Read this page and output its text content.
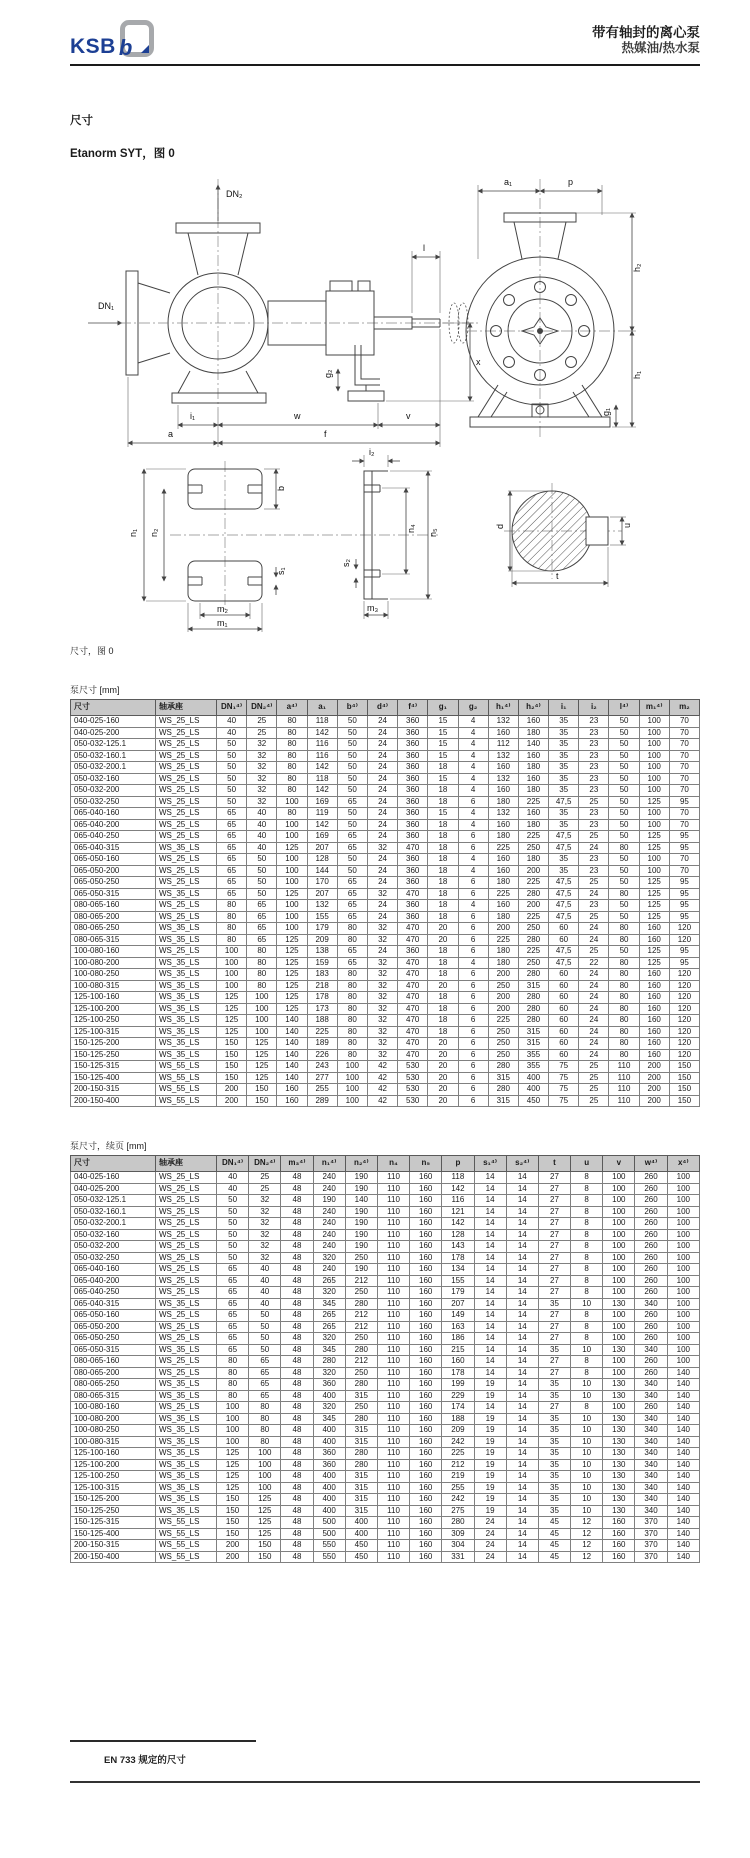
KSB b
带有轴封的离心泵
热媒油/热水泵
尺寸
Etanorm SYT，图 0
DN₂
DN₁
l
g₂
x
i₁	w	v
a	f
a₁	p
h₂
h₁
g₁
n₁ n₂
b
s₁
m₂
m₁
i₂
s₂
n₄ n₅
m₃
d
t
u
尺寸，图 0
泵尺寸 [mm]
尺寸	轴承座	DN₁⁴⁾	DN₂⁴⁾	a⁴⁾	a₁	b⁴⁾	d⁴⁾	f⁴⁾	g₁	g₂	h₁⁴⁾	h₂⁴⁾	i₁	i₂	l⁴⁾	m₁⁴⁾	m₂
040-025-160	WS_25_LS	40	25	80	118	50	24	360	15	4	132	160	35	23	50	100	70
040-025-200	WS_25_LS	40	25	80	142	50	24	360	15	4	160	180	35	23	50	100	70
050-032-125.1	WS_25_LS	50	32	80	116	50	24	360	15	4	112	140	35	23	50	100	70
050-032-160.1	WS_25_LS	50	32	80	116	50	24	360	15	4	132	160	35	23	50	100	70
050-032-200.1	WS_25_LS	50	32	80	142	50	24	360	18	4	160	180	35	23	50	100	70
050-032-160	WS_25_LS	50	32	80	118	50	24	360	15	4	132	160	35	23	50	100	70
050-032-200	WS_25_LS	50	32	80	142	50	24	360	18	4	160	180	35	23	50	100	70
050-032-250	WS_25_LS	50	32	100	169	65	24	360	18	6	180	225	47,5	25	50	125	95
065-040-160	WS_25_LS	65	40	80	119	50	24	360	15	4	132	160	35	23	50	100	70
065-040-200	WS_25_LS	65	40	100	142	50	24	360	18	4	160	180	35	23	50	100	70
065-040-250	WS_25_LS	65	40	100	169	65	24	360	18	6	180	225	47,5	25	50	125	95
065-040-315	WS_35_LS	65	40	125	207	65	32	470	18	6	225	250	47,5	24	80	125	95
065-050-160	WS_25_LS	65	50	100	128	50	24	360	18	4	160	180	35	23	50	100	70
065-050-200	WS_25_LS	65	50	100	144	50	24	360	18	4	160	200	35	23	50	100	70
065-050-250	WS_25_LS	65	50	100	170	65	24	360	18	6	180	225	47,5	25	50	125	95
065-050-315	WS_35_LS	65	50	125	207	65	32	470	18	6	225	280	47,5	24	80	125	95
080-065-160	WS_25_LS	80	65	100	132	65	24	360	18	4	160	200	47,5	23	50	125	95
080-065-200	WS_25_LS	80	65	100	155	65	24	360	18	6	180	225	47,5	25	50	125	95
080-065-250	WS_35_LS	80	65	100	179	80	32	470	20	6	200	250	60	24	80	160	120
080-065-315	WS_35_LS	80	65	125	209	80	32	470	20	6	225	280	60	24	80	160	120
100-080-160	WS_25_LS	100	80	125	138	65	24	360	18	6	180	225	47,5	25	50	125	95
100-080-200	WS_35_LS	100	80	125	159	65	32	470	18	4	180	250	47,5	22	80	125	95
100-080-250	WS_35_LS	100	80	125	183	80	32	470	18	6	200	280	60	24	80	160	120
100-080-315	WS_35_LS	100	80	125	218	80	32	470	20	6	250	315	60	24	80	160	120
125-100-160	WS_35_LS	125	100	125	178	80	32	470	18	6	200	280	60	24	80	160	120
125-100-200	WS_35_LS	125	100	125	173	80	32	470	18	6	200	280	60	24	80	160	120
125-100-250	WS_35_LS	125	100	140	188	80	32	470	18	6	225	280	60	24	80	160	120
125-100-315	WS_35_LS	125	100	140	225	80	32	470	18	6	250	315	60	24	80	160	120
150-125-200	WS_35_LS	150	125	140	189	80	32	470	20	6	250	315	60	24	80	160	120
150-125-250	WS_35_LS	150	125	140	226	80	32	470	20	6	250	355	60	24	80	160	120
150-125-315	WS_55_LS	150	125	140	243	100	42	530	20	6	280	355	75	25	110	200	150
150-125-400	WS_55_LS	150	125	140	277	100	42	530	20	6	315	400	75	25	110	200	150
200-150-315	WS_55_LS	200	150	160	255	100	42	530	20	6	280	400	75	25	110	200	150
200-150-400	WS_55_LS	200	150	160	289	100	42	530	20	6	315	450	75	25	110	200	150
泵尺寸，续页 [mm]
尺寸	轴承座	DN₁⁴⁾	DN₂⁴⁾	m₃⁴⁾	n₁⁴⁾	n₂⁴⁾	n₄	n₅	p	s₁⁴⁾	s₂⁴⁾	t	u	v	w⁴⁾	x⁴⁾
040-025-160	WS_25_LS	40	25	48	240	190	110	160	118	14	14	27	8	100	260	100
040-025-200	WS_25_LS	40	25	48	240	190	110	160	142	14	14	27	8	100	260	100
050-032-125.1	WS_25_LS	50	32	48	190	140	110	160	116	14	14	27	8	100	260	100
050-032-160.1	WS_25_LS	50	32	48	240	190	110	160	121	14	14	27	8	100	260	100
050-032-200.1	WS_25_LS	50	32	48	240	190	110	160	142	14	14	27	8	100	260	100
050-032-160	WS_25_LS	50	32	48	240	190	110	160	128	14	14	27	8	100	260	100
050-032-200	WS_25_LS	50	32	48	240	190	110	160	143	14	14	27	8	100	260	100
050-032-250	WS_25_LS	50	32	48	320	250	110	160	178	14	14	27	8	100	260	100
065-040-160	WS_25_LS	65	40	48	240	190	110	160	134	14	14	27	8	100	260	100
065-040-200	WS_25_LS	65	40	48	265	212	110	160	155	14	14	27	8	100	260	100
065-040-250	WS_25_LS	65	40	48	320	250	110	160	179	14	14	27	8	100	260	100
065-040-315	WS_35_LS	65	40	48	345	280	110	160	207	14	14	35	10	130	340	100
065-050-160	WS_25_LS	65	50	48	265	212	110	160	149	14	14	27	8	100	260	100
065-050-200	WS_25_LS	65	50	48	265	212	110	160	163	14	14	27	8	100	260	100
065-050-250	WS_25_LS	65	50	48	320	250	110	160	186	14	14	27	8	100	260	100
065-050-315	WS_35_LS	65	50	48	345	280	110	160	215	14	14	35	10	130	340	100
080-065-160	WS_25_LS	80	65	48	280	212	110	160	160	14	14	27	8	100	260	100
080-065-200	WS_25_LS	80	65	48	320	250	110	160	178	14	14	27	8	100	260	140
080-065-250	WS_35_LS	80	65	48	360	280	110	160	199	19	14	35	10	130	340	140
080-065-315	WS_35_LS	80	65	48	400	315	110	160	229	19	14	35	10	130	340	140
100-080-160	WS_25_LS	100	80	48	320	250	110	160	174	14	14	27	8	100	260	140
100-080-200	WS_35_LS	100	80	48	345	280	110	160	188	19	14	35	10	130	340	140
100-080-250	WS_35_LS	100	80	48	400	315	110	160	209	19	14	35	10	130	340	140
100-080-315	WS_35_LS	100	80	48	400	315	110	160	242	19	14	35	10	130	340	140
125-100-160	WS_35_LS	125	100	48	360	280	110	160	225	19	14	35	10	130	340	140
125-100-200	WS_35_LS	125	100	48	360	280	110	160	212	19	14	35	10	130	340	140
125-100-250	WS_35_LS	125	100	48	400	315	110	160	219	19	14	35	10	130	340	140
125-100-315	WS_35_LS	125	100	48	400	315	110	160	255	19	14	35	10	130	340	140
150-125-200	WS_35_LS	150	125	48	400	315	110	160	242	19	14	35	10	130	340	140
150-125-250	WS_35_LS	150	125	48	400	315	110	160	275	19	14	35	10	130	340	140
150-125-315	WS_55_LS	150	125	48	500	400	110	160	280	24	14	45	12	160	370	140
150-125-400	WS_55_LS	150	125	48	500	400	110	160	309	24	14	45	12	160	370	140
200-150-315	WS_55_LS	200	150	48	550	450	110	160	304	24	14	45	12	160	370	140
200-150-400	WS_55_LS	200	150	48	550	450	110	160	331	24	14	45	12	160	370	140
EN 733 规定的尺寸
